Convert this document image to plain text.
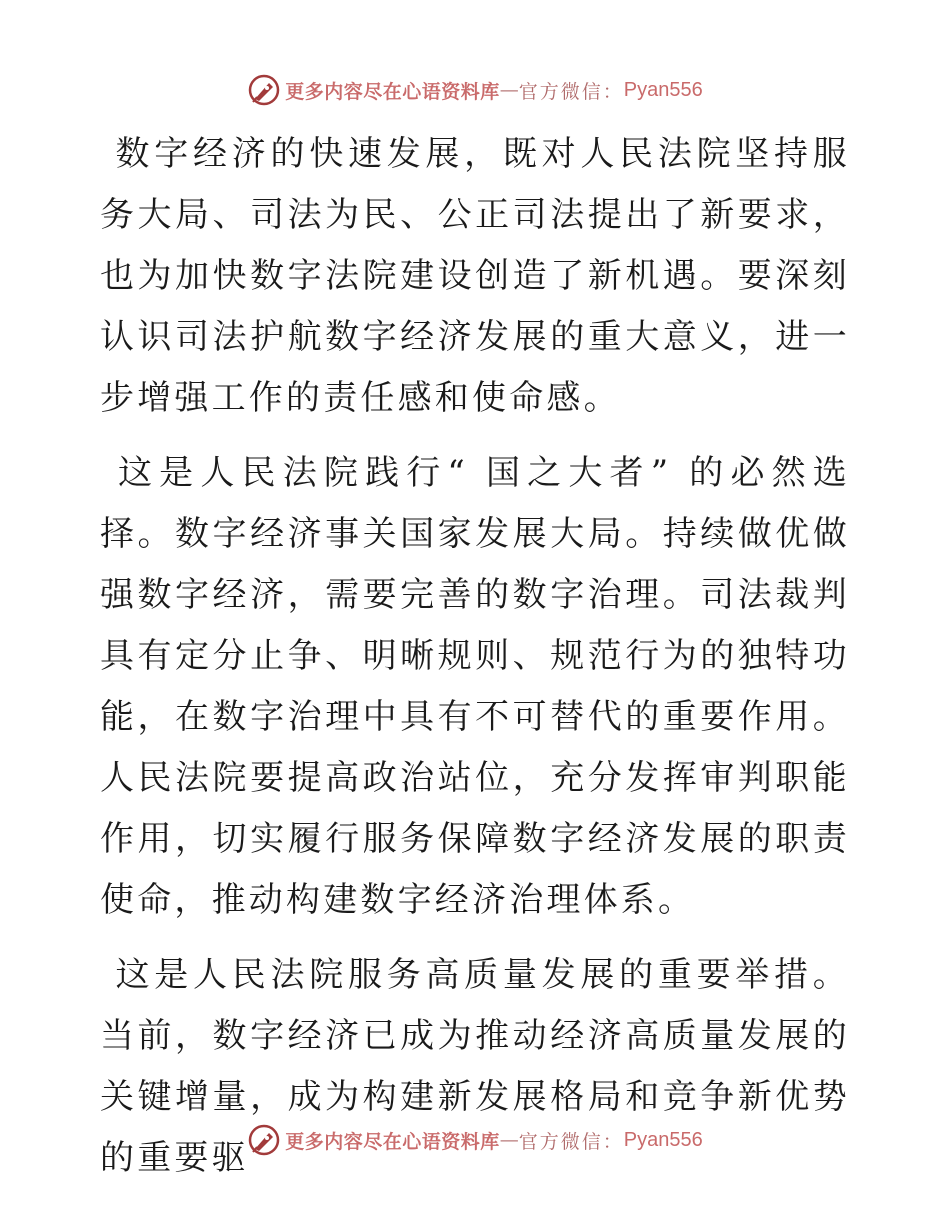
更多内容尽在心语资料库 — 官方微信： Pyan556

数字经济的快速发展，既对人民法院坚持服务大局、司法为民、公正司法提出了新要求，也为加快数字法院建设创造了新机遇。要深刻认识司法护航数字经济发展的重大意义，进一步增强工作的责任感和使命感。

这是人民法院践行“ 国之大者” 的必然选择。数字经济事关国家发展大局。持续做优做强数字经济，需要完善的数字治理。司法裁判具有定分止争、明晰规则、规范行为的独特功能，在数字治理中具有不可替代的重要作用。人民法院要提高政治站位，充分发挥审判职能作用，切实履行服务保障数字经济发展的职责使命，推动构建数字经济治理体系。

这是人民法院服务高质量发展的重要举措。当前，数字经济已成为推动经济高质量发展的关键增量，成为构建新发展格局和竞争新优势的重要驱	更多内容尽在心语资料库 — 官方微信： Pyan556
